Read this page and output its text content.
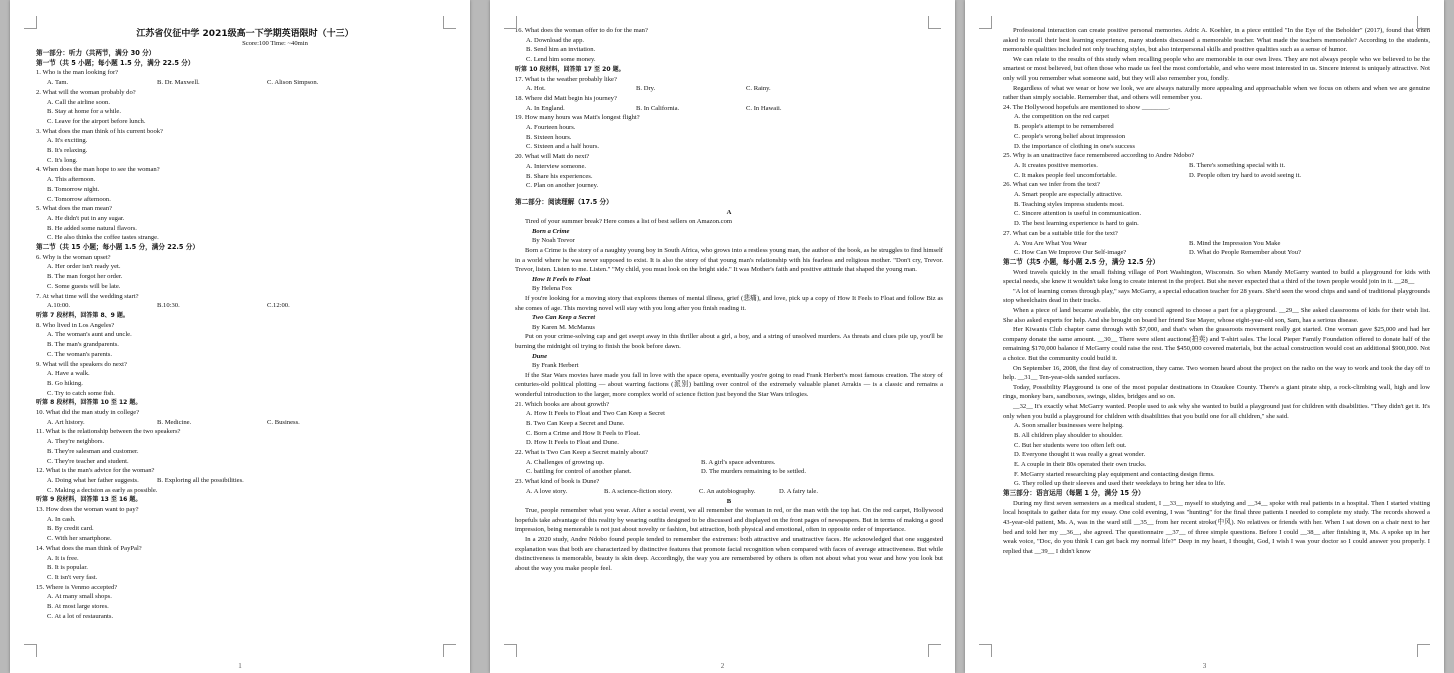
江苏省仪征中学 2021级高一下学期英语限时（十三）
Score:100 Time: ~40min
第一部分：听力（共两节，满分 30 分）
第一节（共 5 小题；每小题 1.5 分，满分 22.5 分）
1. Who is the man looking for?
A. Tam.	B. Dr. Maxwell.	C. Alison Simpson.
2. What will the woman probably do?
A. Call the airline soon.
B. Stay at home for a while.
C. Leave for the airport before lunch.
3. What does the man think of his current book?
A. It's exciting.
B. It's relaxing.
C. It's long.
4. When does the man hope to see the woman?
A. This afternoon.
B. Tomorrow night.
C. Tomorrow afternoon.
5. What does the man mean?
A. He didn't put in any sugar.
B. He added some natural flavors.
C. He also thinks the coffee tastes strange.
第二节（共 15 小题；每小题 1.5 分，满分 22.5 分）
6. Why is the woman upset?
A. Her order isn't ready yet.
B. The man forgot her order.
C. Some guests will be late.
7. At what time will the wedding start?
A.10:00.	B.10:30.	C.12:00.
听第 7 段材料，回答第 8、9 题。
8. Who lived in Los Angeles?
A. The woman's aunt and uncle.
B. The man's grandparents.
C. The woman's parents.
9. What will the speakers do next?
A. Have a walk.
B. Go hiking.
C. Try to catch some fish.
听第 8 段材料，回答第 10 至 12 题。
10. What did the man study in college?
A. Art history.	B. Medicine.	C. Business.
11. What is the relationship between the two speakers?
A. They're neighbors.
B. They're salesman and customer.
C. They're teacher and student.
12. What is the man's advice for the woman?
A. Doing what her father suggests.	B. Exploring all the possibilities.
C. Making a decision as early as possible.
听第 9 段材料，回答第 13 至 16 题。
13. How does the woman want to pay?
A. In cash.
B. By credit card.
C. With her smartphone.
14. What does the man think of PayPal?
A. It is free.
B. It is popular.
C. It isn't very fast.
15. Where is Venmo accepted?
A. At many small shops.
B. At most large stores.
C. At a lot of restaurants.
1
16. What does the woman offer to do for the man?
A. Download the app.
B. Send him an invitation.
C. Lend him some money.
听第 10 段材料，回答第 17 至 20 题。
17. What is the weather probably like?
A. Hot.	B. Dry.	C. Rainy.
18. Where did Matt begin his journey?
A. In England.	B. In California.	C. In Hawaii.
19. How many hours was Matt's longest flight?
A. Fourteen hours.
B. Sixteen hours.
C. Sixteen and a half hours.
20. What will Matt do next?
A. Interview someone.
B. Share his experiences.
C. Plan on another journey.
第二部分：阅读理解（17.5 分）
A
Tired of your summer break? Here comes a list of best sellers on Amazon.com
Born a Crime
By Noah Trevor
Born a Crime is the story of a naughty young boy in South Africa, who grows into a restless young man, the author of the book, as he struggles to find himself in a world where he was never supposed to exist. It is also the story of that young man's relationship with his fearless and religious mother. "Don't cry, Trevor. Trevor, listen. Listen to me. Listen." "My child, you must look on the bright side." It was Mother's faith and positive attitude that shaped the young man.
How It Feels to Float
By Helena Fox
If you're looking for a moving story that explores themes of mental illness, grief (悲痛), and love, pick up a copy of How It Feels to Float and follow Biz as she comes of age. This moving novel will stay with you long after you finish reading it.
Two Can Keep a Secret
By Karen M. McManus
Put on your crime-solving cap and get swept away in this thriller about a girl, a boy, and a string of unsolved murders. As threats and clues pile up, you'll be burning the midnight oil trying to finish the book before dawn.
Dune
By Frank Herbert
If the Star Wars movies have made you fall in love with the space opera, eventually you're going to read Frank Herbert's most famous creation. The story of centuries-old political plotting — about warring factions (派别) battling over control of the extremely valuable planet Arrakis — is a classic and remains a wonderful introduction to the larger, more complex world of science fiction just beyond the Star Wars trilogies.
21. Which books are about growth?
A. How It Feels to Float and Two Can Keep a Secret
B. Two Can Keep a Secret and Dune.
C. Born a Crime and How It Feels to Float.
D. How It Feels to Float and Dune.
22. What is Two Can Keep a Secret mainly about?
A. Challenges of growing up.	B. A girl's space adventures.
C. battling for control of another planet.	D. The murders remaining to be settled.
23. What kind of book is Dune?
A. A love story.	B. A science-fiction story.	C. An autobiography.	D. A fairy tale.
B
True, people remember what you wear. After a social event, we all remember the woman in red, or the man with the top hat. On the red carpet, Hollywood hopefuls take advantage of this reality by wearing outfits designed to be discussed and displayed on the front pages of newspapers. But in terms of making a good impression, being memorable is not just about novelty or fashion, but attraction, both physical and emotional, often in opposite order of importance.
In a 2020 study, Andre Ndobo found people tended to remember the extremes: both attractive and unattractive faces. He acknowledged that one suggested explanation was that both are characterized by distinctive features that promote facial recognition when compared with faces of average attractiveness. But while distinctiveness is memorable, beauty is skin deep. Accordingly, the way you are remembered by others is often not about what you wear and how you look but about the way you make people feel.
2
Professional interaction can create positive personal memories. Adric A. Koehler, in a piece entitled "In the Eye of the Beholder" (2017), found that when asked to recall their best learning experience, many students discussed a memorable teacher. What made the teachers memorable? According to the students, memorable qualities included not only teaching styles, but also interpersonal skills and positive qualities such as a sense of humor.
We can relate to the results of this study when recalling people who are memorable in our own lives. They are not always people who we believed to be the smartest or most believed, but often those who made us feel the most comfortable, and who were most interested in us. Sincere interest is uniquely attractive. Not only will you remember what someone said, but they will also remember you, fondly.
Regardless of what we wear or how we look, we are always naturally more appealing and approachable when we focus on others and when we are genuine rather than simply sociable. Remember that, and others will remember you.
24. The Hollywood hopefuls are mentioned to show ________.
A. the competition on the red carpet
B. people's attempt to be remembered
C. people's wrong belief about impression
D. the importance of clothing in one's success
25. Why is an unattractive face remembered according to Andre Ndobo?
A. It creates positive memories.	B. There's something special with it.
C. It makes people feel uncomfortable.	D. People often try hard to avoid seeing it.
26. What can we infer from the text?
A. Smart people are especially attractive.
B. Teaching styles impress students most.
C. Sincere attention is useful in communication.
D. The best learning experience is hard to gain.
27. What can be a suitable title for the text?
A. You Are What You Wear	B. Mind the Impression You Make
C. How Can We Improve Our Self-image?	D. What do People Remember about You?
第二节（共5 小题，每小题 2.5 分，满分 12.5 分）
Word travels quickly in the small fishing village of Port Washington, Wisconsin. So when Mandy McGarry wanted to build a playground for kids with special needs, she knew it wouldn't take long to create interest in the project. But she never expected that a third of the town people would join in it. __28__
"A lot of learning comes through play," says McGarry, a special education teacher for 28 years. She'd seen the wood chips and sand of traditional playgrounds stop wheelchairs dead in their tracks.
When a piece of land became available, the city council agreed to choose a part for a playground. __29__ She asked classrooms of kids for their wish list. She also asked experts for help. And she brought on board her friend Sue Mayer, whose eight-year-old son, Sam, has a serious disease.
Her Kiwanis Club chapter came through with $7,000, and that's when the grassroots movement really got started. One woman gave $25,000 and had her company donate the same amount. __30__ There were silent auctions(拍卖) and T-shirt sales. The local Pieper Family Foundation offered to donate half of the remaining $170,000 balance if McGarry could raise the rest. The $450,000 covered materials, but the actual construction would cost an additional $900,000. Not a choice. But the community could build it.
On September 16, 2008, the first day of construction, they came. Two women heard about the project on the radio on the way to work and took the day off to help. __31__ Ten-year-olds sanded surfaces.
Today, Possibility Playground is one of the most popular destinations in Ozaukee County. There's a giant pirate ship, a rock-climbing wall, high and low rings, monkey bars, sandboxes, swings, slides, bridges and so on.
__32__ It's exactly what McGarry wanted. People used to ask why she wanted to build a playground just for children with disabilities. "They didn't get it. It's only when you build a playground for children with disabilities that you build one for all children," she said.
A. Soon smaller businesses were helping.
B. All children play shoulder to shoulder.
C. But her students were too often left out.
D. Everyone thought it was really a great wonder.
E. A couple in their 80s operated their own trucks.
F. McGarry started researching play equipment and contacting design firms.
G. They rolled up their sleeves and used their weekdays to bring her idea to life.
第三部分：语言运用（每题 1 分，满分 15 分）
During my first seven semesters as a medical student, I __33__ myself to studying and __34__ spoke with real patients in a hospital. Then I started visiting local hospitals to gather data for my essay. One cold evening, I was "hunting" for the final three patients I needed to complete my study. The records showed a 43-year-old patient, Ms. A, was in the ward still __35__ from her recent stroke(中风). No relatives or friends with her. When I sat down on a chair next to her bed and told her my __36__, she agreed. The questionnaire __37__ of three simple questions. Before I could __38__ after finishing it, Ms. A spoke up in her weak voice, "Doc, do you think I can get back my normal life?" Deep in my heart, I thought, God, I wish I was your doctor so I could answer you properly. I replied that __39__ I didn't know
3
